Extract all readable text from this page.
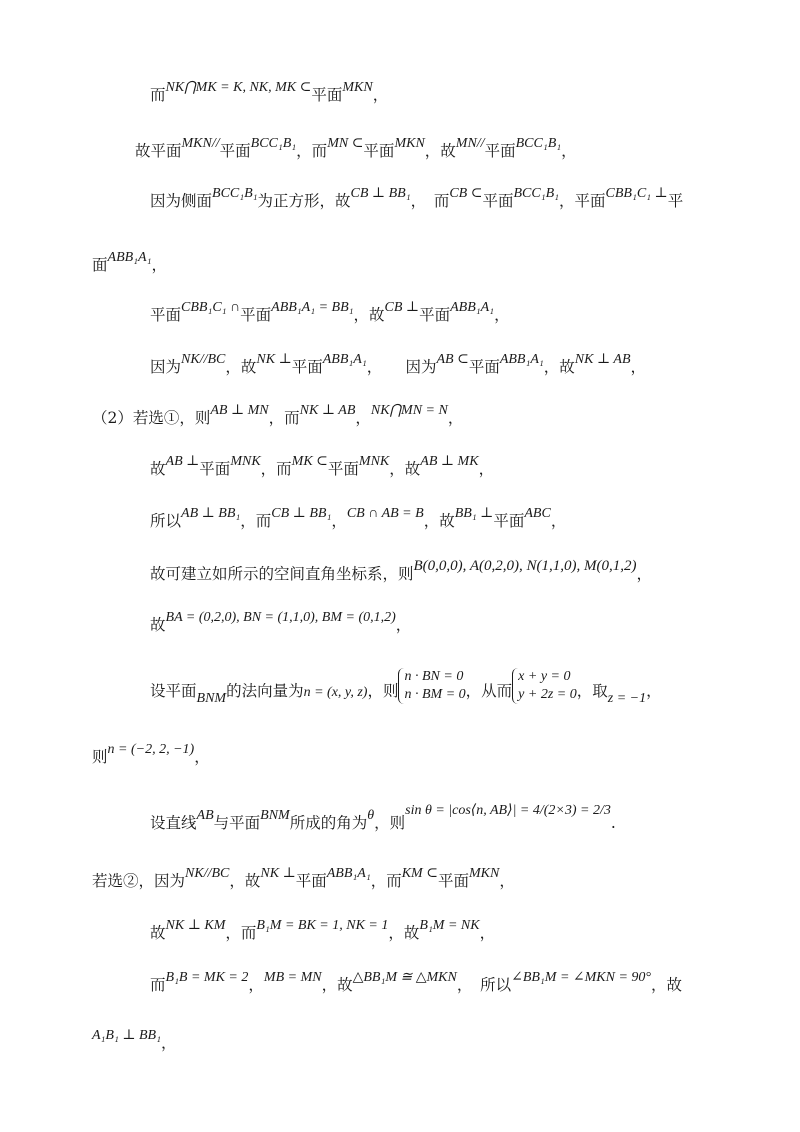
而NK⋂MK = K, NK, MK ⊂平面MKN，
故平面MKN//平面BCC₁B₁，而MN ⊂平面MKN，故MN//平面BCC₁B₁，
因为侧面BCC₁B₁为正方形，故CB ⊥ BB₁，　而CB ⊂平面BCC₁B₁，平面CBB₁C₁ ⊥平
面ABB₁A₁，
平面CBB₁C₁ ∩平面ABB₁A₁ = BB₁，故CB ⊥平面ABB₁A₁，
因为NK//BC，故NK ⊥平面ABB₁A₁，　　因为AB ⊂平面ABB₁A₁，故NK ⊥ AB，
（2）若选①，则AB ⊥ MN，而NK ⊥ AB，NK⋂MN = N，
故AB ⊥平面MNK，而MK ⊂平面MNK，故AB ⊥ MK，
所以AB ⊥ BB₁，而CB ⊥ BB₁，CB ∩ AB = B，故BB₁ ⊥平面ABC，
故可建立如所示的空间直角坐标系，则B(0,0,0), A(0,2,0), N(1,1,0), M(0,1,2)，
故BA = (0,2,0), BN = (1,1,0), BM = (0,1,2)，
设平面BNM的法向量为n = (x, y, z)，则
n · BN = 0
n · BM = 0 ，从而
x + y = 0
y + 2z = 0 ，取z = −1，
则n = (−2, 2, −1)，
设直线AB与平面BNM所成的角为θ，则sin θ = |cos⟨n, AB⟩| = 4/(2×3) = 2/3.
若选②，因为NK//BC，故NK ⊥平面ABB₁A₁，而KM ⊂平面MKN，
故NK ⊥ KM，而B₁M = BK = 1, NK = 1，故B₁M = NK，
而B₁B = MK = 2，MB = MN，故△BB₁M ≅ △MKN，　所以∠BB₁M = ∠MKN = 90°，故
A₁B₁ ⊥ BB₁，
